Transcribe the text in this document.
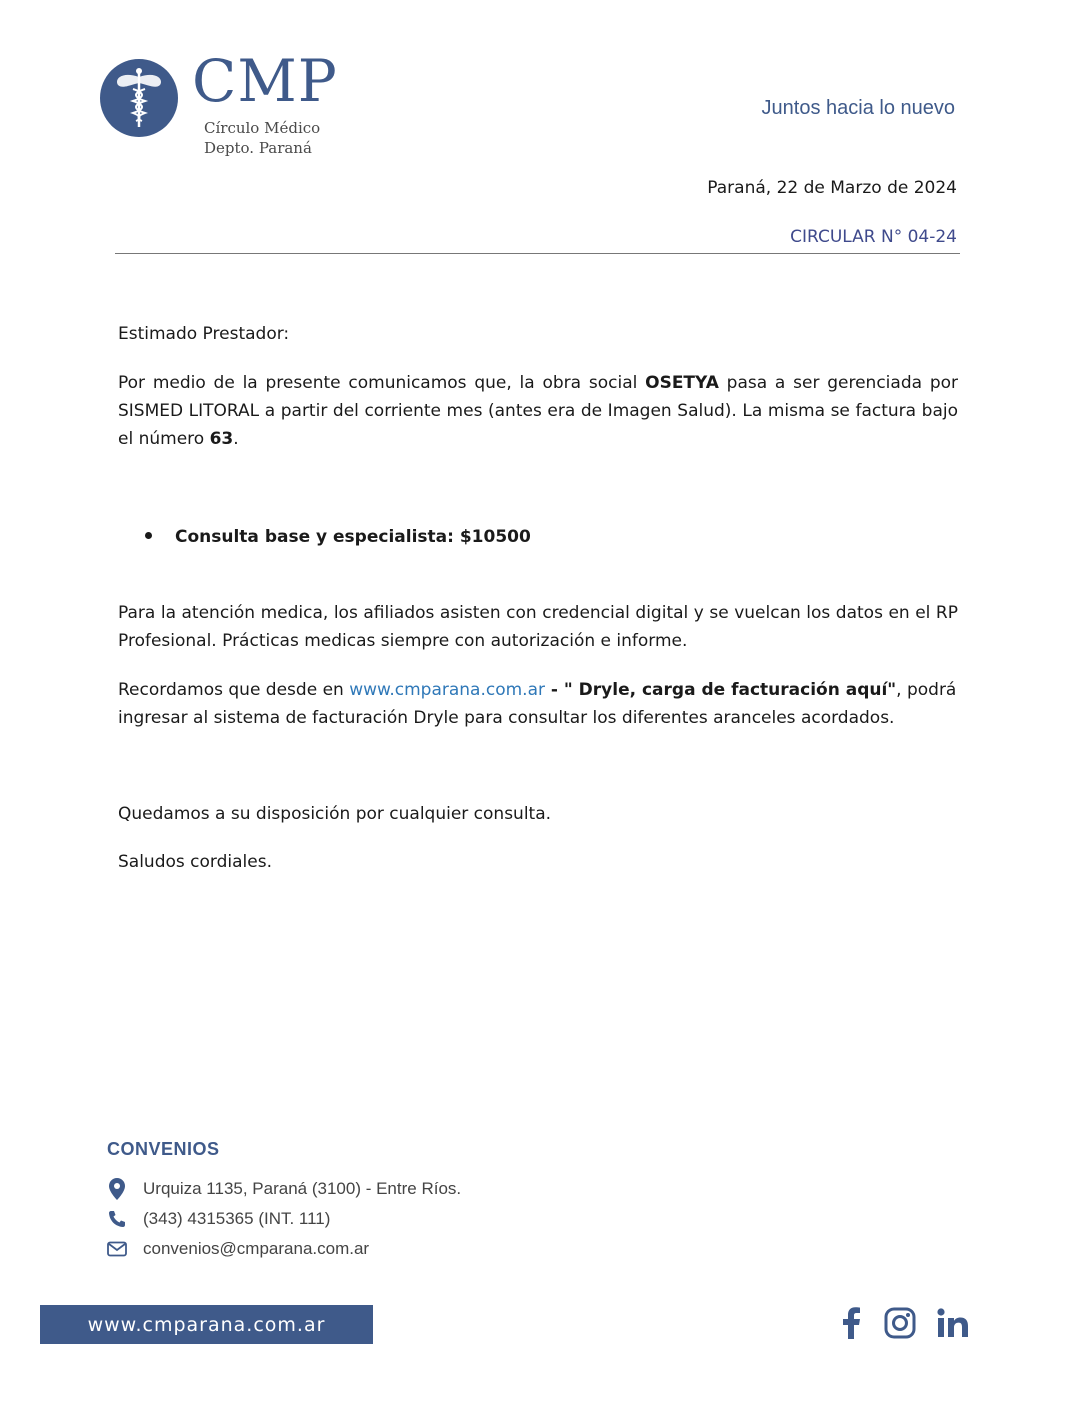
CMP
Círculo Médico
Depto. Paraná
Juntos hacia lo nuevo
Paraná, 22 de Marzo de 2024
CIRCULAR N° 04-24

Estimado Prestador:

Por medio de la presente comunicamos que, la obra social OSETYA pasa a ser gerenciada por SISMED LITORAL a partir del corriente mes (antes era de Imagen Salud). La misma se factura bajo el número 63.

Consulta base y especialista: $10500

Para la atención medica, los afiliados asisten con credencial digital y se vuelcan los datos en el RP Profesional. Prácticas medicas siempre con autorización e informe.

Recordamos que desde en www.cmparana.com.ar - " Dryle, carga de facturación aquí", podrá ingresar al sistema de facturación Dryle para consultar los diferentes aranceles acordados.

Quedamos a su disposición por cualquier consulta.

Saludos cordiales.

CONVENIOS
Urquiza 1135, Paraná (3100) - Entre Ríos.
(343) 4315365 (INT. 111)
convenios@cmparana.com.ar
www.cmparana.com.ar
